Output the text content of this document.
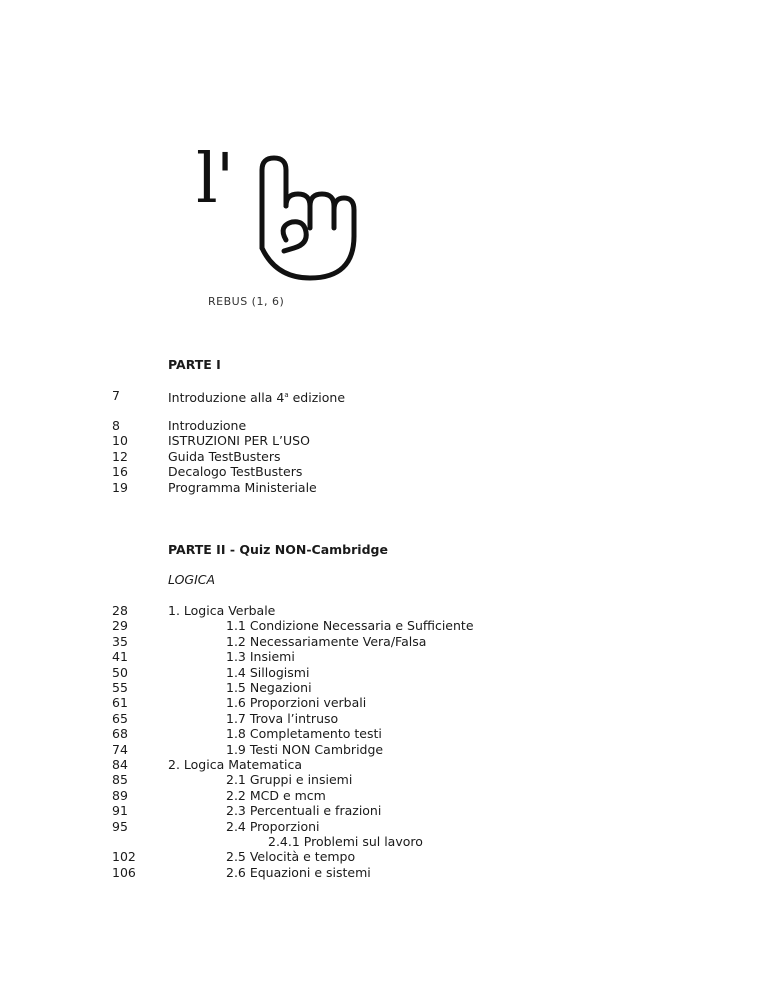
l'
REBUS (1, 6)
PARTE I
7	Introduzione alla 4$^a$ edizione
8	Introduzione
10	ISTRUZIONI PER L’USO
12	Guida TestBusters
16	Decalogo TestBusters
19	Programma Ministeriale
PARTE II - Quiz NON-Cambridge
LOGICA
28	1. Logica Verbale
29	1.1 Condizione Necessaria e Sufficiente
35	1.2 Necessariamente Vera/Falsa
41	1.3 Insiemi
50	1.4 Sillogismi
55	1.5 Negazioni
61	1.6 Proporzioni verbali
65	1.7 Trova l’intruso
68	1.8 Completamento testi
74	1.9 Testi NON Cambridge
84	2. Logica Matematica
85	2.1 Gruppi e insiemi
89	2.2 MCD e mcm
91	2.3 Percentuali e frazioni
95	2.4 Proporzioni
2.4.1 Problemi sul lavoro
102	2.5 Velocità e tempo
106	2.6 Equazioni e sistemi
